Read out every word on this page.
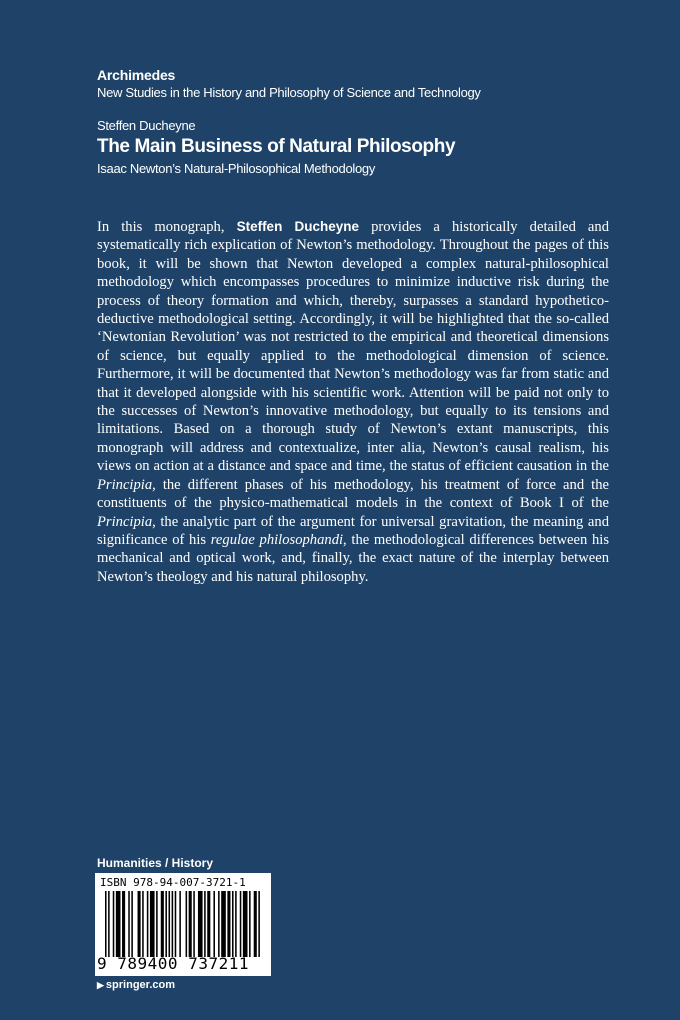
Archimedes
New Studies in the History and Philosophy of Science and Technology
Steffen Ducheyne
The Main Business of Natural Philosophy
Isaac Newton’s Natural-Philosophical Methodology

In this monograph, Steffen Ducheyne provides a historically detailed and systematically rich explication of Newton’s methodology. Throughout the pages of this book, it will be shown that Newton developed a complex natural-philosophical methodology which encompasses procedures to minimize inductive risk during the process of theory formation and which, thereby, surpasses a standard hypothetico-deductive methodological setting. Accordingly, it will be highlighted that the so-called ‘Newtonian Revolution’ was not restricted to the empirical and theoretical dimensions of science, but equally applied to the methodological dimension of science. Furthermore, it will be documented that Newton’s methodology was far from static and that it developed alongside with his scientific work. Attention will be paid not only to the successes of Newton’s innovative methodology, but equally to its tensions and limitations. Based on a thorough study of Newton’s extant manuscripts, this monograph will address and contextualize, inter alia, Newton’s causal realism, his views on action at a distance and space and time, the status of efficient causation in the Principia, the different phases of his methodology, his treatment of force and the constituents of the physico-mathematical models in the context of Book I of the Principia, the analytic part of the argument for universal gravitation, the meaning and significance of his regulae philosophandi, the methodological differences between his mechanical and optical work, and, finally, the exact nature of the interplay between Newton’s theology and his natural philosophy.

Humanities / History
ISBN 978-94-007-3721-1
9 789400 737211
▶ springer.com
